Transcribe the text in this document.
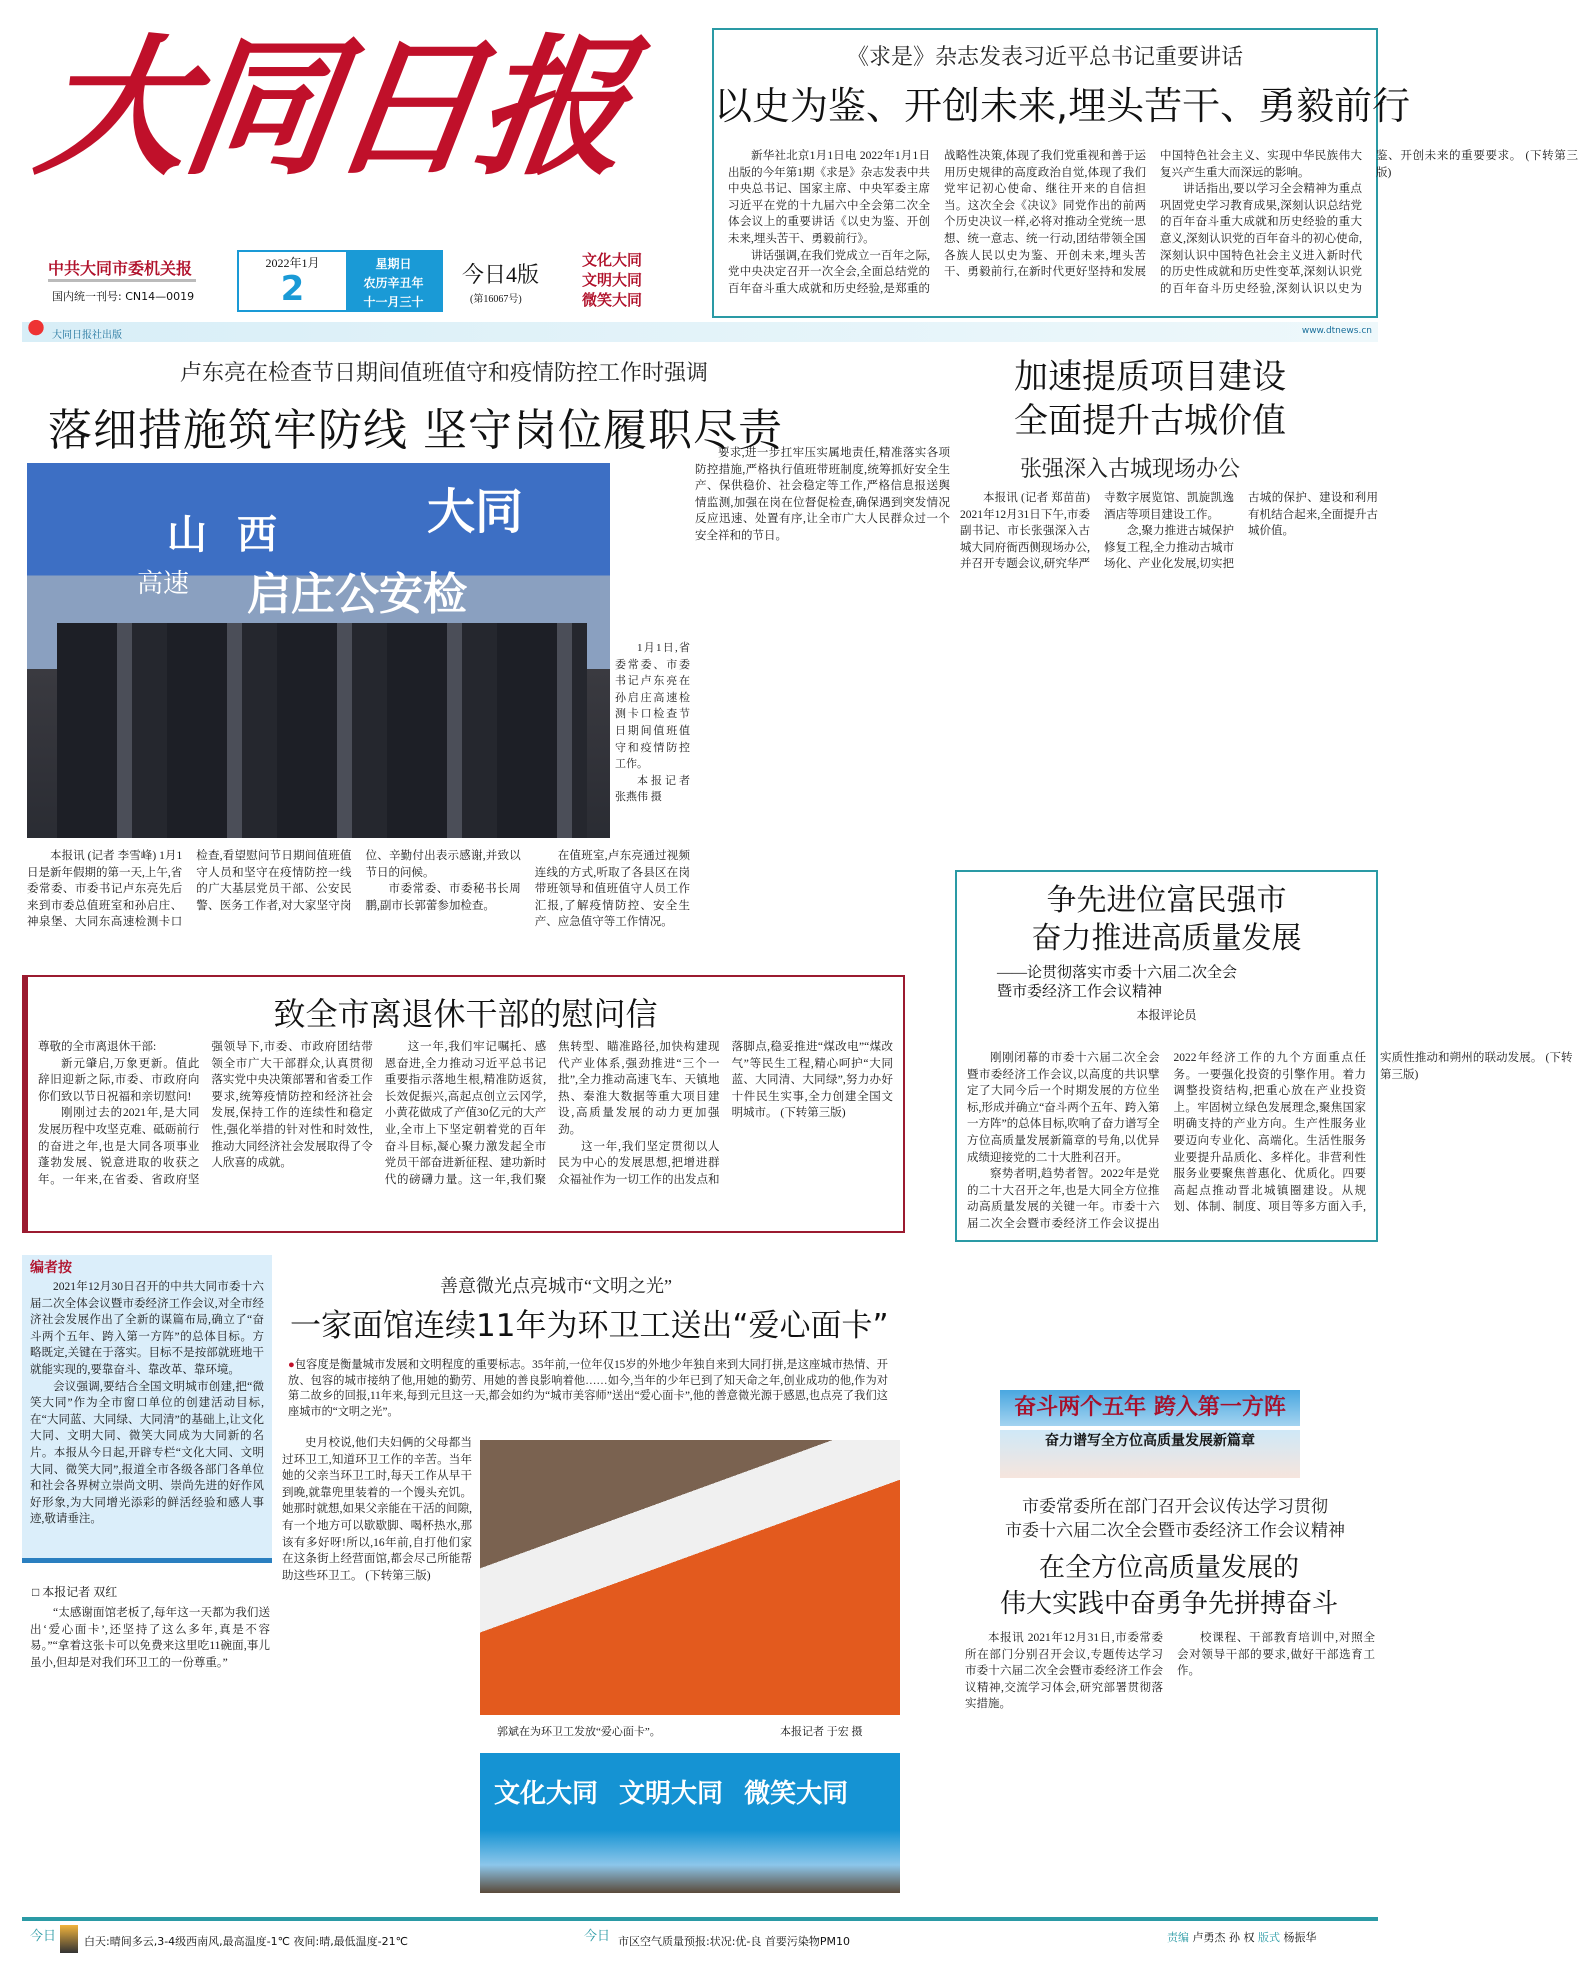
大同日报
中共大同市委机关报
国内统一刊号: CN14—0019
2022年1月
2
星期日
农历辛丑年
十一月三十
今日4版
(第16067号)
文化大同
文明大同
微笑大同
大同日报社出版	www.dtnews.cn
《求是》杂志发表习近平总书记重要讲话
以史为鉴、开创未来,埋头苦干、勇毅前行

新华社北京1月1日电 2022年1月1日出版的今年第1期《求是》杂志发表中共中央总书记、国家主席、中央军委主席习近平在党的十九届六中全会第二次全体会议上的重要讲话《以史为鉴、开创未来,埋头苦干、勇毅前行》。

讲话强调,在我们党成立一百年之际,党中央决定召开一次全会,全面总结党的百年奋斗重大成就和历史经验,是郑重的战略性决策,体现了我们党重视和善于运用历史规律的高度政治自觉,体现了我们党牢记初心使命、继往开来的自信担当。这次全会《决议》同党作出的前两个历史决议一样,必将对推动全党统一思想、统一意志、统一行动,团结带领全国各族人民以史为鉴、开创未来,埋头苦干、勇毅前行,在新时代更好坚持和发展中国特色社会主义、实现中华民族伟大复兴产生重大而深远的影响。

讲话指出,要以学习全会精神为重点巩固党史学习教育成果,深刻认识总结党的百年奋斗重大成就和历史经验的重大意义,深刻认识党的百年奋斗的初心使命,深刻认识中国特色社会主义进入新时代的历史性成就和历史性变革,深刻认识党的百年奋斗历史经验,深刻认识以史为鉴、开创未来的重要要求。 (下转第三版)

卢东亮在检查节日期间值班值守和疫情防控工作时强调
落细措施筑牢防线 坚守岗位履职尽责
山西	大同
高速 启庄公安检

1月1日,省委常委、市委书记卢东亮在孙启庄高速检测卡口检查节日期间值班值守和疫情防控工作。

本报记者 张燕伟 摄

要求,进一步扛牢压实属地责任,精准落实各项防控措施,严格执行值班带班制度,统筹抓好安全生产、保供稳价、社会稳定等工作,严格信息报送舆情监测,加强在岗在位督促检查,确保遇到突发情况反应迅速、处置有序,让全市广大人民群众过一个安全祥和的节日。

本报讯 (记者 李雪峰) 1月1日是新年假期的第一天,上午,省委常委、市委书记卢东亮先后来到市委总值班室和孙启庄、神泉堡、大同东高速检测卡口检查,看望慰问节日期间值班值守人员和坚守在疫情防控一线的广大基层党员干部、公安民警、医务工作者,对大家坚守岗位、辛勤付出表示感谢,并致以节日的问候。

市委常委、市委秘书长周鹏,副市长郭蕾参加检查。

在值班室,卢东亮通过视频连线的方式,听取了各县区在岗带班领导和值班值守人员工作汇报,了解疫情防控、安全生产、应急值守等工作情况。

加速提质项目建设
全面提升古城价值
张强深入古城现场办公

本报讯 (记者 郑苗苗) 2021年12月31日下午,市委副书记、市长张强深入古城大同府衙西侧现场办公,并召开专题会议,研究华严寺数字展览馆、凯旋凯逸酒店等项目建设工作。

念,聚力推进古城保护修复工程,全力推动古城市场化、产业化发展,切实把古城的保护、建设和利用有机结合起来,全面提升古城价值。

致全市离退休干部的慰问信
尊敬的全市离退休干部:

新元肇启,万象更新。值此辞旧迎新之际,市委、市政府向你们致以节日祝福和亲切慰问!

刚刚过去的2021年,是大同发展历程中攻坚克难、砥砺前行的奋进之年,也是大同各项事业蓬勃发展、锐意进取的收获之年。一年来,在省委、省政府坚强领导下,市委、市政府团结带领全市广大干部群众,认真贯彻落实党中央决策部署和省委工作要求,统筹疫情防控和经济社会发展,保持工作的连续性和稳定性,强化举措的针对性和时效性,推动大同经济社会发展取得了令人欣喜的成就。

这一年,我们牢记嘱托、感恩奋进,全力推动习近平总书记重要指示落地生根,精准防返贫,长效促振兴,高起点创立云冈学,小黄花做成了产值30亿元的大产业,全市上下坚定朝着党的百年奋斗目标,凝心聚力激发起全市党员干部奋进新征程、建功新时代的磅礴力量。这一年,我们聚焦转型、瞄准路径,加快构建现代产业体系,强劲推进“三个一批”,全力推动高速飞车、天镇地热、秦淮大数据等重大项目建设,高质量发展的动力更加强劲。

这一年,我们坚定贯彻以人民为中心的发展思想,把增进群众福祉作为一切工作的出发点和落脚点,稳妥推进“煤改电”“煤改气”等民生工程,精心呵护“大同蓝、大同清、大同绿”,努力办好十件民生实事,全力创建全国文明城市。 (下转第三版)

争先进位富民强市
奋力推进高质量发展
——论贯彻落实市委十六届二次全会
暨市委经济工作会议精神
本报评论员

刚刚闭幕的市委十六届二次全会暨市委经济工作会议,以高度的共识擘定了大同今后一个时期发展的方位坐标,形成并确立“奋斗两个五年、跨入第一方阵”的总体目标,吹响了奋力谱写全方位高质量发展新篇章的号角,以优异成绩迎接党的二十大胜利召开。

察势者明,趋势者智。2022年是党的二十大召开之年,也是大同全方位推动高质量发展的关键一年。市委十六届二次全会暨市委经济工作会议提出2022年经济工作的九个方面重点任务。一要强化投资的引擎作用。着力调整投资结构,把重心放在产业投资上。牢固树立绿色发展理念,聚焦国家明确支持的产业方向。生产性服务业要迈向专业化、高端化。生活性服务业要提升品质化、多样化。非营利性服务业要聚焦普惠化、优质化。四要高起点推动晋北城镇圈建设。从规划、体制、制度、项目等多方面入手,实质性推动和朔州的联动发展。 (下转第三版)

编者按

2021年12月30日召开的中共大同市委十六届二次全体会议暨市委经济工作会议,对全市经济社会发展作出了全新的谋篇布局,确立了“奋斗两个五年、跨入第一方阵”的总体目标。方略既定,关键在于落实。目标不是按部就班地干就能实现的,要靠奋斗、靠改革、靠环境。

会议强调,要结合全国文明城市创建,把“微笑大同”作为全市窗口单位的创建活动目标,在“大同蓝、大同绿、大同清”的基础上,让文化大同、文明大同、微笑大同成为大同新的名片。本报从今日起,开辟专栏“文化大同、文明大同、微笑大同”,报道全市各级各部门各单位和社会各界树立崇尚文明、崇尚先进的好作风好形象,为大同增光添彩的鲜活经验和感人事迹,敬请垂注。

□ 本报记者 双红

“太感谢面馆老板了,每年这一天都为我们送出‘爱心面卡’,还坚持了这么多年,真是不容易。”“拿着这张卡可以免费来这里吃11碗面,事儿虽小,但却是对我们环卫工的一份尊重。”

善意微光点亮城市“文明之光”
一家面馆连续11年为环卫工送出“爱心面卡”
●包容度是衡量城市发展和文明程度的重要标志。35年前,一位年仅15岁的外地少年独自来到大同打拼,是这座城市热情、开放、包容的城市接纳了他,用她的勤劳、用她的善良影响着他……如今,当年的少年已到了知天命之年,创业成功的他,作为对第二故乡的回报,11年来,每到元旦这一天,都会如约为“城市美容师”送出“爱心面卡”,他的善意微光源于感恩,也点亮了我们这座城市的“文明之光”。

史月校说,他们夫妇俩的父母都当过环卫工,知道环卫工作的辛苦。当年她的父亲当环卫工时,每天工作从早干到晚,就靠兜里装着的一个馒头充饥。她那时就想,如果父亲能在干活的间隙,有一个地方可以歇歇脚、喝杯热水,那该有多好呀!所以,16年前,自打他们家在这条街上经营面馆,都会尽己所能帮助这些环卫工。 (下转第三版)

郭斌在为环卫工发放“爱心面卡”。	本报记者 于宏 摄
文化大同 文明大同 微笑大同
奋斗两个五年 跨入第一方阵
奋力谱写全方位高质量发展新篇章
市委常委所在部门召开会议传达学习贯彻
市委十六届二次全会暨市委经济工作会议精神
在全方位高质量发展的
伟大实践中奋勇争先拼搏奋斗

本报讯 2021年12月31日,市委常委所在部门分别召开会议,专题传达学习市委十六届二次全会暨市委经济工作会议精神,交流学习体会,研究部署贯彻落实措施。

校课程、干部教育培训中,对照全会对领导干部的要求,做好干部选育工作。

今日	白天:晴间多云,3-4级西南风,最高温度-1℃ 夜间:晴,最低温度-21℃	今日 市区空气质量预报:状况:优-良 首要污染物PM10	责编 卢勇杰 孙 权 版式 杨振华
